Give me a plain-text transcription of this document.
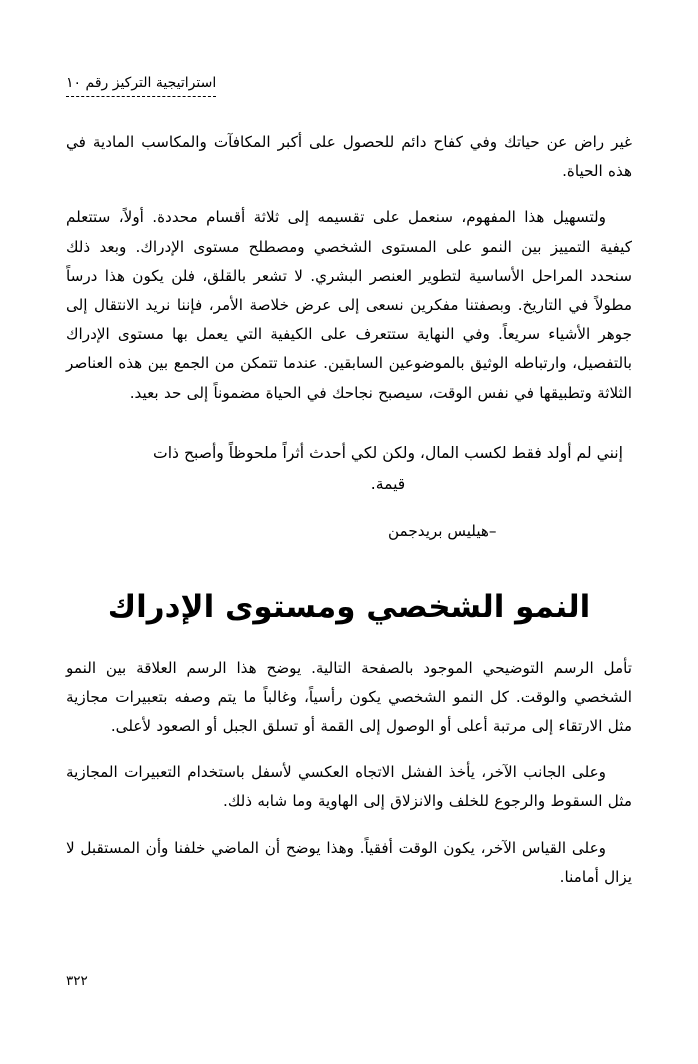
استراتيجية التركيز رقم ١٠

غير راض عن حياتك وفي كفاح دائم للحصول على أكبر المكافآت والمكاسب المادية في هذه الحياة.

ولتسهيل هذا المفهوم، سنعمل على تقسيمه إلى ثلاثة أقسام محددة. أولاً، ستتعلم كيفية التمييز بين النمو على المستوى الشخصي ومصطلح مستوى الإدراك. وبعد ذلك سنحدد المراحل الأساسية لتطوير العنصر البشري. لا تشعر بالقلق، فلن يكون هذا درساً مطولاً في التاريخ. وبصفتنا مفكرين نسعى إلى عرض خلاصة الأمر، فإننا نريد الانتقال إلى جوهر الأشياء سريعاً. وفي النهاية ستتعرف على الكيفية التي يعمل بها مستوى الإدراك بالتفصيل، وارتباطه الوثيق بالموضوعين السابقين. عندما تتمكن من الجمع بين هذه العناصر الثلاثة وتطبيقها في نفس الوقت، سيصبح نجاحك في الحياة مضموناً إلى حد بعيد.

إنني لم أولد فقط لكسب المال، ولكن لكي أحدث أثراً ملحوظاً وأصبح ذات قيمة.

–هيليس بريدجمن

النمو الشخصي ومستوى الإدراك

تأمل الرسم التوضيحي الموجود بالصفحة التالية. يوضح هذا الرسم العلاقة بين النمو الشخصي والوقت. كل النمو الشخصي يكون رأسياً، وغالباً ما يتم وصفه بتعبيرات مجازية مثل الارتقاء إلى مرتبة أعلى أو الوصول إلى القمة أو تسلق الجبل أو الصعود لأعلى.

وعلى الجانب الآخر، يأخذ الفشل الاتجاه العكسي لأسفل باستخدام التعبيرات المجازية مثل السقوط والرجوع للخلف والانزلاق إلى الهاوية وما شابه ذلك.

وعلى القياس الآخر، يكون الوقت أفقياً. وهذا يوضح أن الماضي خلفنا وأن المستقبل لا يزال أمامنا.

٣٢٢
